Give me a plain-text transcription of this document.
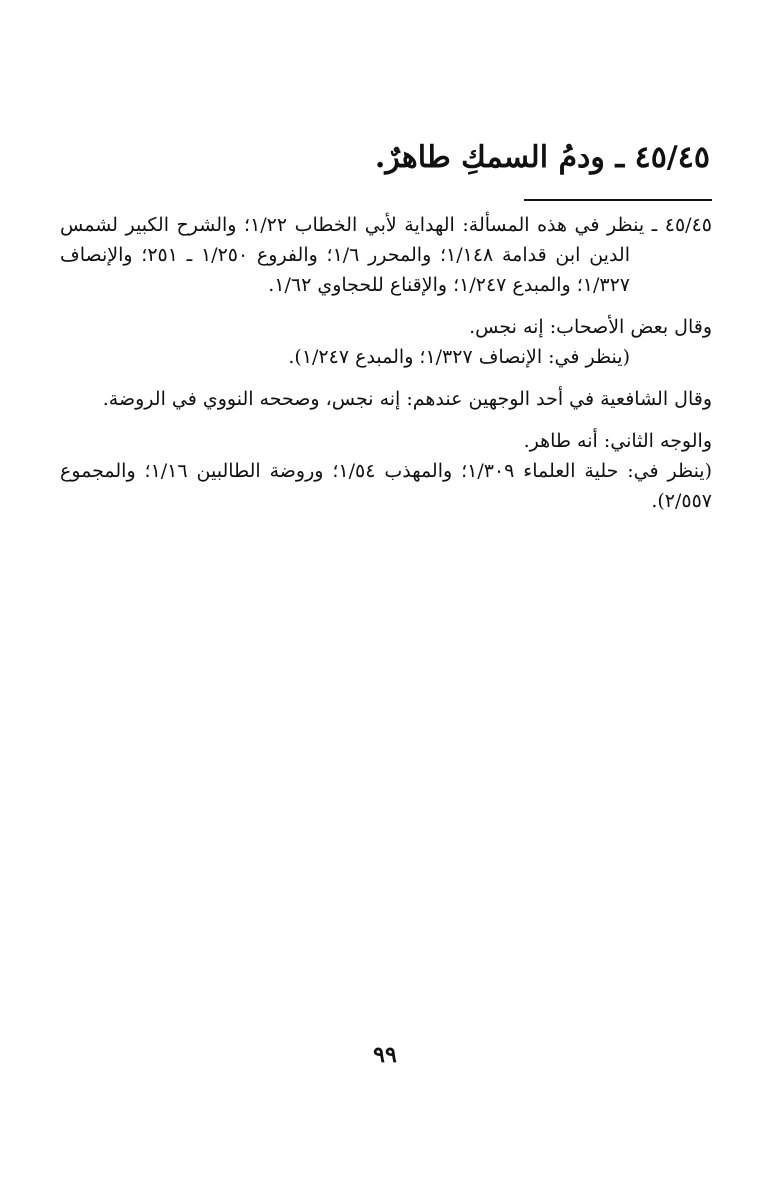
٤٥/٤٥ ـ ودمُ السمكِ طاهرٌ.

٤٥/٤٥ ـ ينظر في هذه المسألة: الهداية لأبي الخطاب ١/٢٢؛ والشرح الكبير لشمس الدين ابن قدامة ١/١٤٨؛ والمحرر ١/٦؛ والفروع ١/٢٥٠ ـ ٢٥١؛ والإنصاف ١/٣٢٧؛ والمبدع ١/٢٤٧؛ والإقناع للحجاوي ١/٦٢.

وقال بعض الأصحاب: إنه نجس.

(ينظر في: الإنصاف ١/٣٢٧؛ والمبدع ١/٢٤٧).

وقال الشافعية في أحد الوجهين عندهم: إنه نجس، وصححه النووي في الروضة.

والوجه الثاني: أنه طاهر.

(ينظر في: حلية العلماء ١/٣٠٩؛ والمهذب ١/٥٤؛ وروضة الطالبين ١/١٦؛ والمجموع ٢/٥٥٧).

٩٩
